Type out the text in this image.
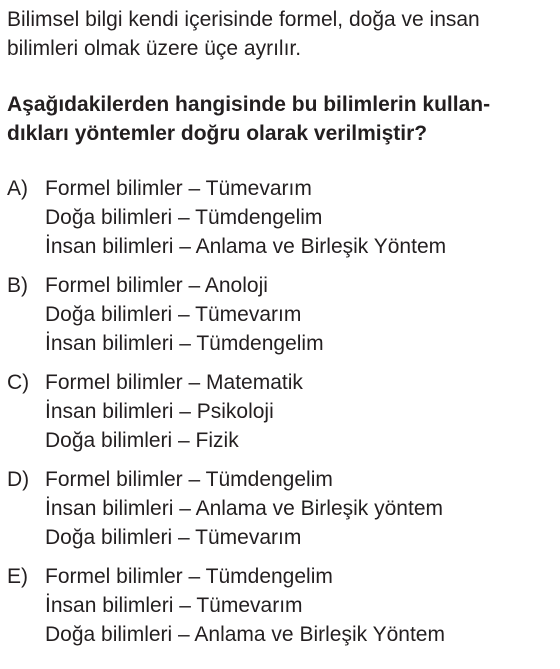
Bilimsel bilgi kendi içerisinde formel, doğa ve insan

bilimleri olmak üzere üçe ayrılır.

Aşağıdakilerden hangisinde bu bilimlerin kullan-

dıkları yöntemler doğru olarak verilmiştir?

A) Formel bilimler – Tümevarım
Doğa bilimleri – Tümdengelim
İnsan bilimleri – Anlama ve Birleşik Yöntem
B) Formel bilimler – Anoloji
Doğa bilimleri – Tümevarım
İnsan bilimleri – Tümdengelim
C) Formel bilimler – Matematik
İnsan bilimleri – Psikoloji
Doğa bilimleri – Fizik
D) Formel bilimler – Tümdengelim
İnsan bilimleri – Anlama ve Birleşik yöntem
Doğa bilimleri – Tümevarım
E) Formel bilimler – Tümdengelim
İnsan bilimleri – Tümevarım
Doğa bilimleri – Anlama ve Birleşik Yöntem
